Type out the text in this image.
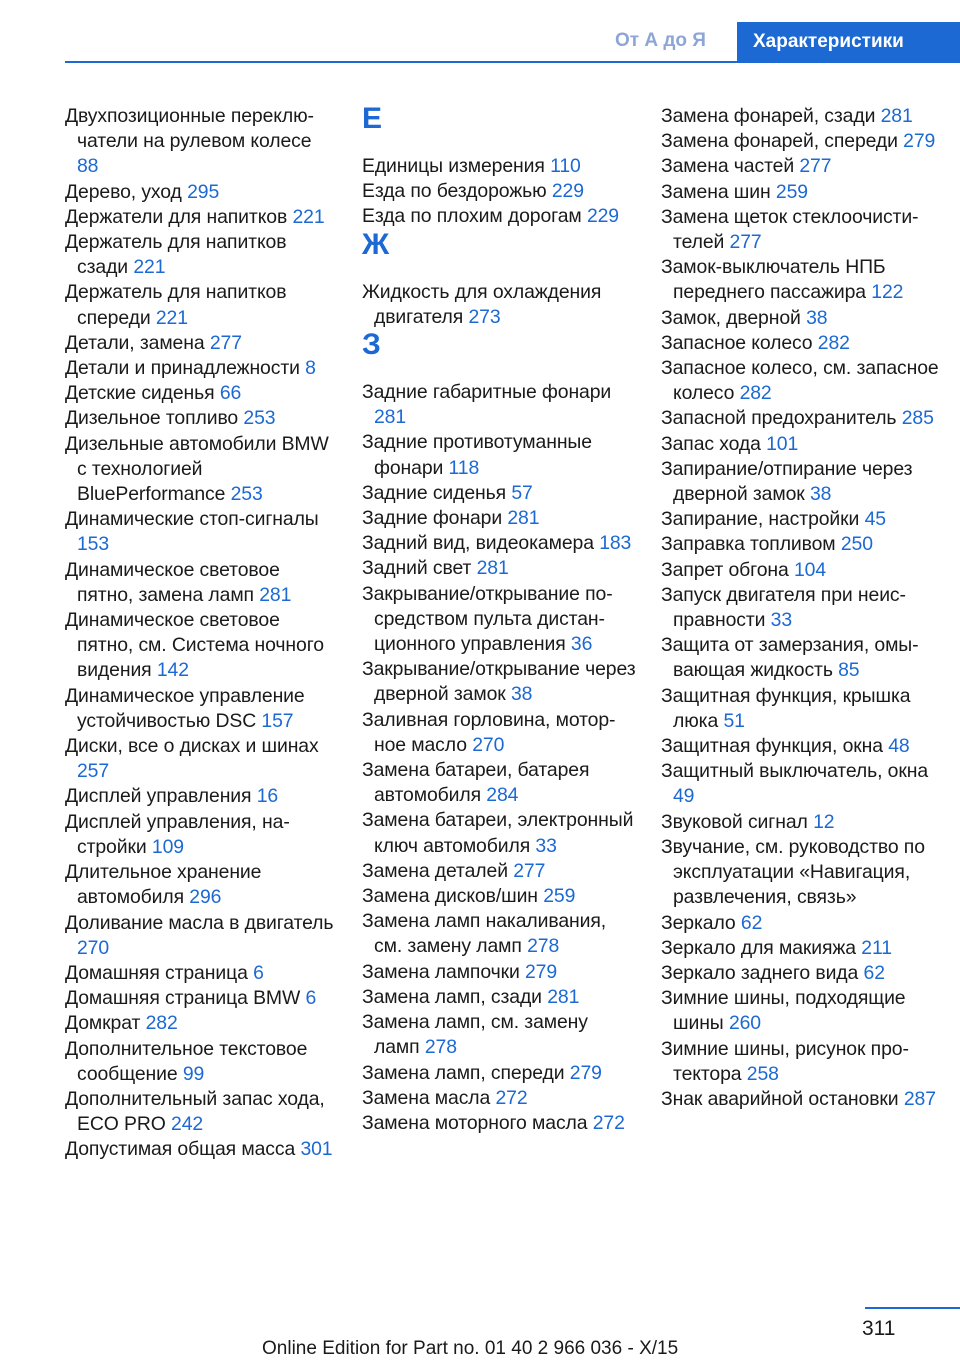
От А до Я	Характеристики
Двухпозиционные переключатели на рулевом колесе 88
Дерево, уход 295
Держатели для напитков 221
Держатель для напитков сзади 221
Держатель для напитков спереди 221
Детали, замена 277
Детали и принадлежности 8
Детские сиденья 66
Дизельное топливо 253
Дизельные автомобили BMW с технологией BluePerformance 253
Динамические стоп-сигналы 153
Динамическое световое пятно, замена ламп 281
Динамическое световое пятно, см. Система ночного видения 142
Динамическое управление устойчивостью DSC 157
Диски, все о дисках и шинах 257
Дисплей управления 16
Дисплей управления, настройки 109
Длительное хранение автомобиля 296
Доливание масла в двигатель 270
Домашняя страница 6
Домашняя страница BMW 6
Домкрат 282
Дополнительное текстовое сообщение 99
Дополнительный запас хода, ECO PRO 242
Допустимая общая масса 301
Е
Единицы измерения 110
Езда по бездорожью 229
Езда по плохим дорогам 229
Ж
Жидкость для охлаждения двигателя 273
З
Задние габаритные фонари 281
Задние противотуманные фонари 118
Задние сиденья 57
Задние фонари 281
Задний вид, видеокамера 183
Задний свет 281
Закрывание/открывание посредством пульта дистанционного управления 36
Закрывание/открывание через дверной замок 38
Заливная горловина, моторное масло 270
Замена батареи, батарея автомобиля 284
Замена батареи, электронный ключ автомобиля 33
Замена деталей 277
Замена дисков/шин 259
Замена ламп накаливания, см. замену ламп 278
Замена лампочки 279
Замена ламп, сзади 281
Замена ламп, см. замену ламп 278
Замена ламп, спереди 279
Замена масла 272
Замена моторного масла 272
Замена фонарей, сзади 281
Замена фонарей, спереди 279
Замена частей 277
Замена шин 259
Замена щеток стеклоочистителей 277
Замок-выключатель НПБ переднего пассажира 122
Замок, дверной 38
Запасное колесо 282
Запасное колесо, см. запасное колесо 282
Запасной предохранитель 285
Запас хода 101
Запирание/отпирание через дверной замок 38
Запирание, настройки 45
Заправка топливом 250
Запрет обгона 104
Запуск двигателя при неисправности 33
Защита от замерзания, омывающая жидкость 85
Защитная функция, крышка люка 51
Защитная функция, окна 48
Защитный выключатель, окна 49
Звуковой сигнал 12
Звучание, см. руководство по эксплуатации «Навигация, развлечения, связь»
Зеркало 62
Зеркало для макияжа 211
Зеркало заднего вида 62
Зимние шины, подходящие шины 260
Зимние шины, рисунок протектора 258
Знак аварийной остановки 287
311
Online Edition for Part no. 01 40 2 966 036 - X/15
